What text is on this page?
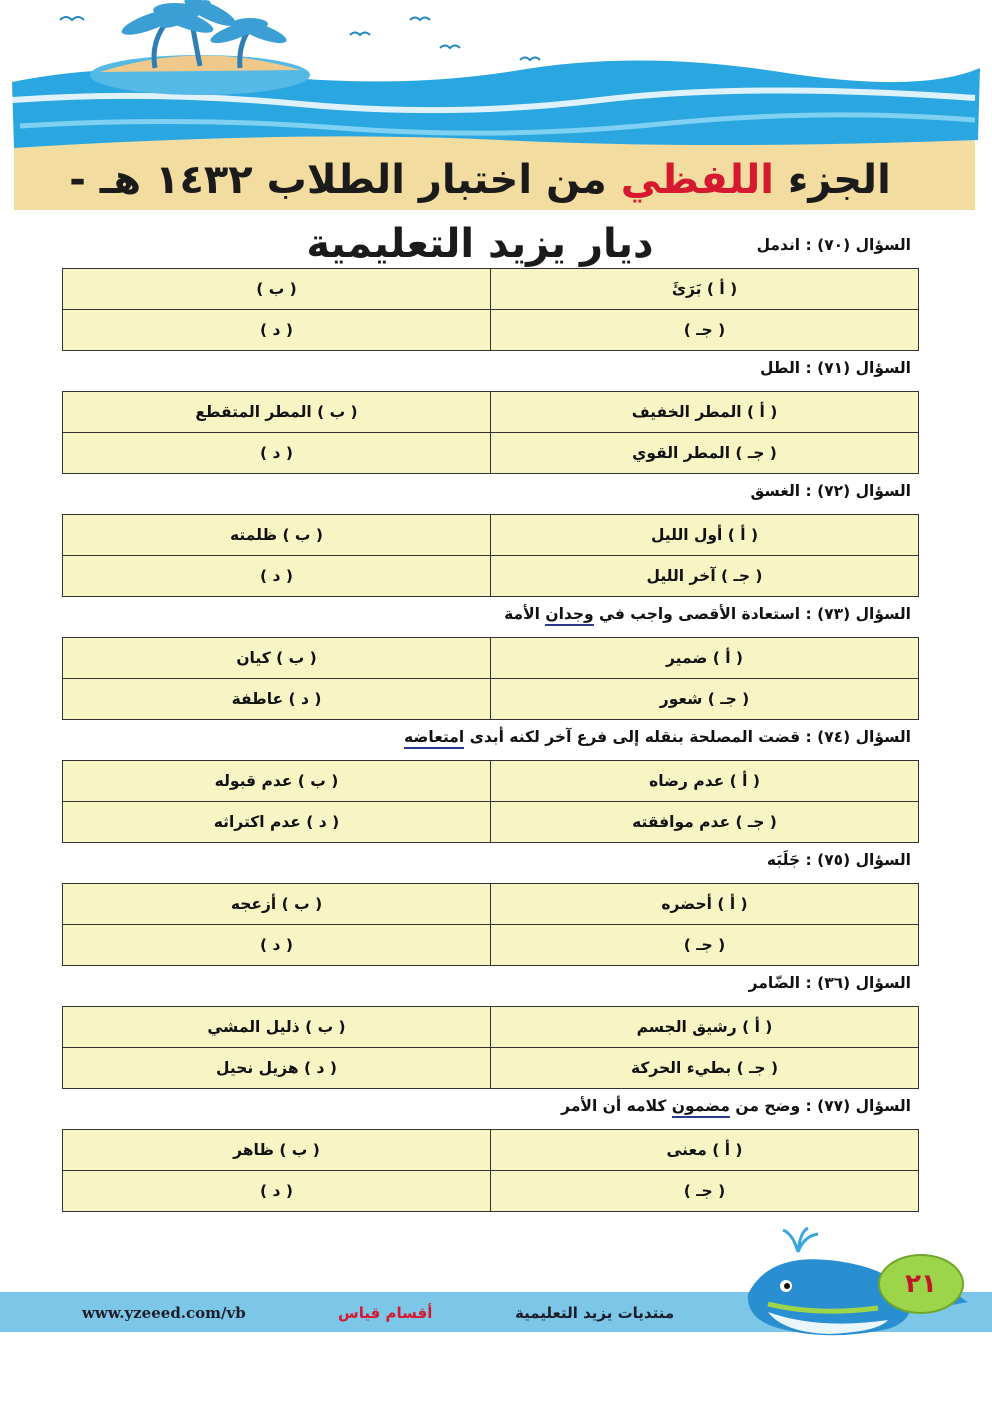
الجزء اللفظي من اختبار الطلاب ١٤٣٢ هـ - ديار يزيد التعليمية	السؤال (٧٠) : اندمل
( أ ) بَرَئَ	( ب )
( جـ )	( د )
السؤال (٧١) : الطل
( أ ) المطر الخفيف	( ب ) المطر المتقطع
( جـ ) المطر القوي	( د )
السؤال (٧٢) : الغسق
( أ ) أول الليل	( ب ) ظلمته
( جـ ) آخر الليل	( د )
السؤال (٧٣) : استعادة الأقصى واجب في وجدان الأمة
( أ ) ضمير	( ب ) كيان
( جـ ) شعور	( د ) عاطفة
السؤال (٧٤) : قضت المصلحة بنقله إلى فرع آخر لكنه أبدى امتعاضه
( أ ) عدم رضاه	( ب ) عدم قبوله
( جـ ) عدم موافقته	( د ) عدم اكتراثه
السؤال (٧٥) : جَلَبَه
( أ ) أحضره	( ب ) أزعجه
( جـ )	( د )
السؤال (٣٦) : الضّامر
( أ ) رشيق الجسم	( ب ) ذليل المشي
( جـ ) بطيء الحركة	( د ) هزيل نحيل
السؤال (٧٧) : وضح من مضمون كلامه أن الأمر
( أ ) معنى	( ب ) ظاهر
( جـ )	( د )
www.yzeeed.com/vb	أقسام قياس	منتديات يزيد التعليمية
٢١
